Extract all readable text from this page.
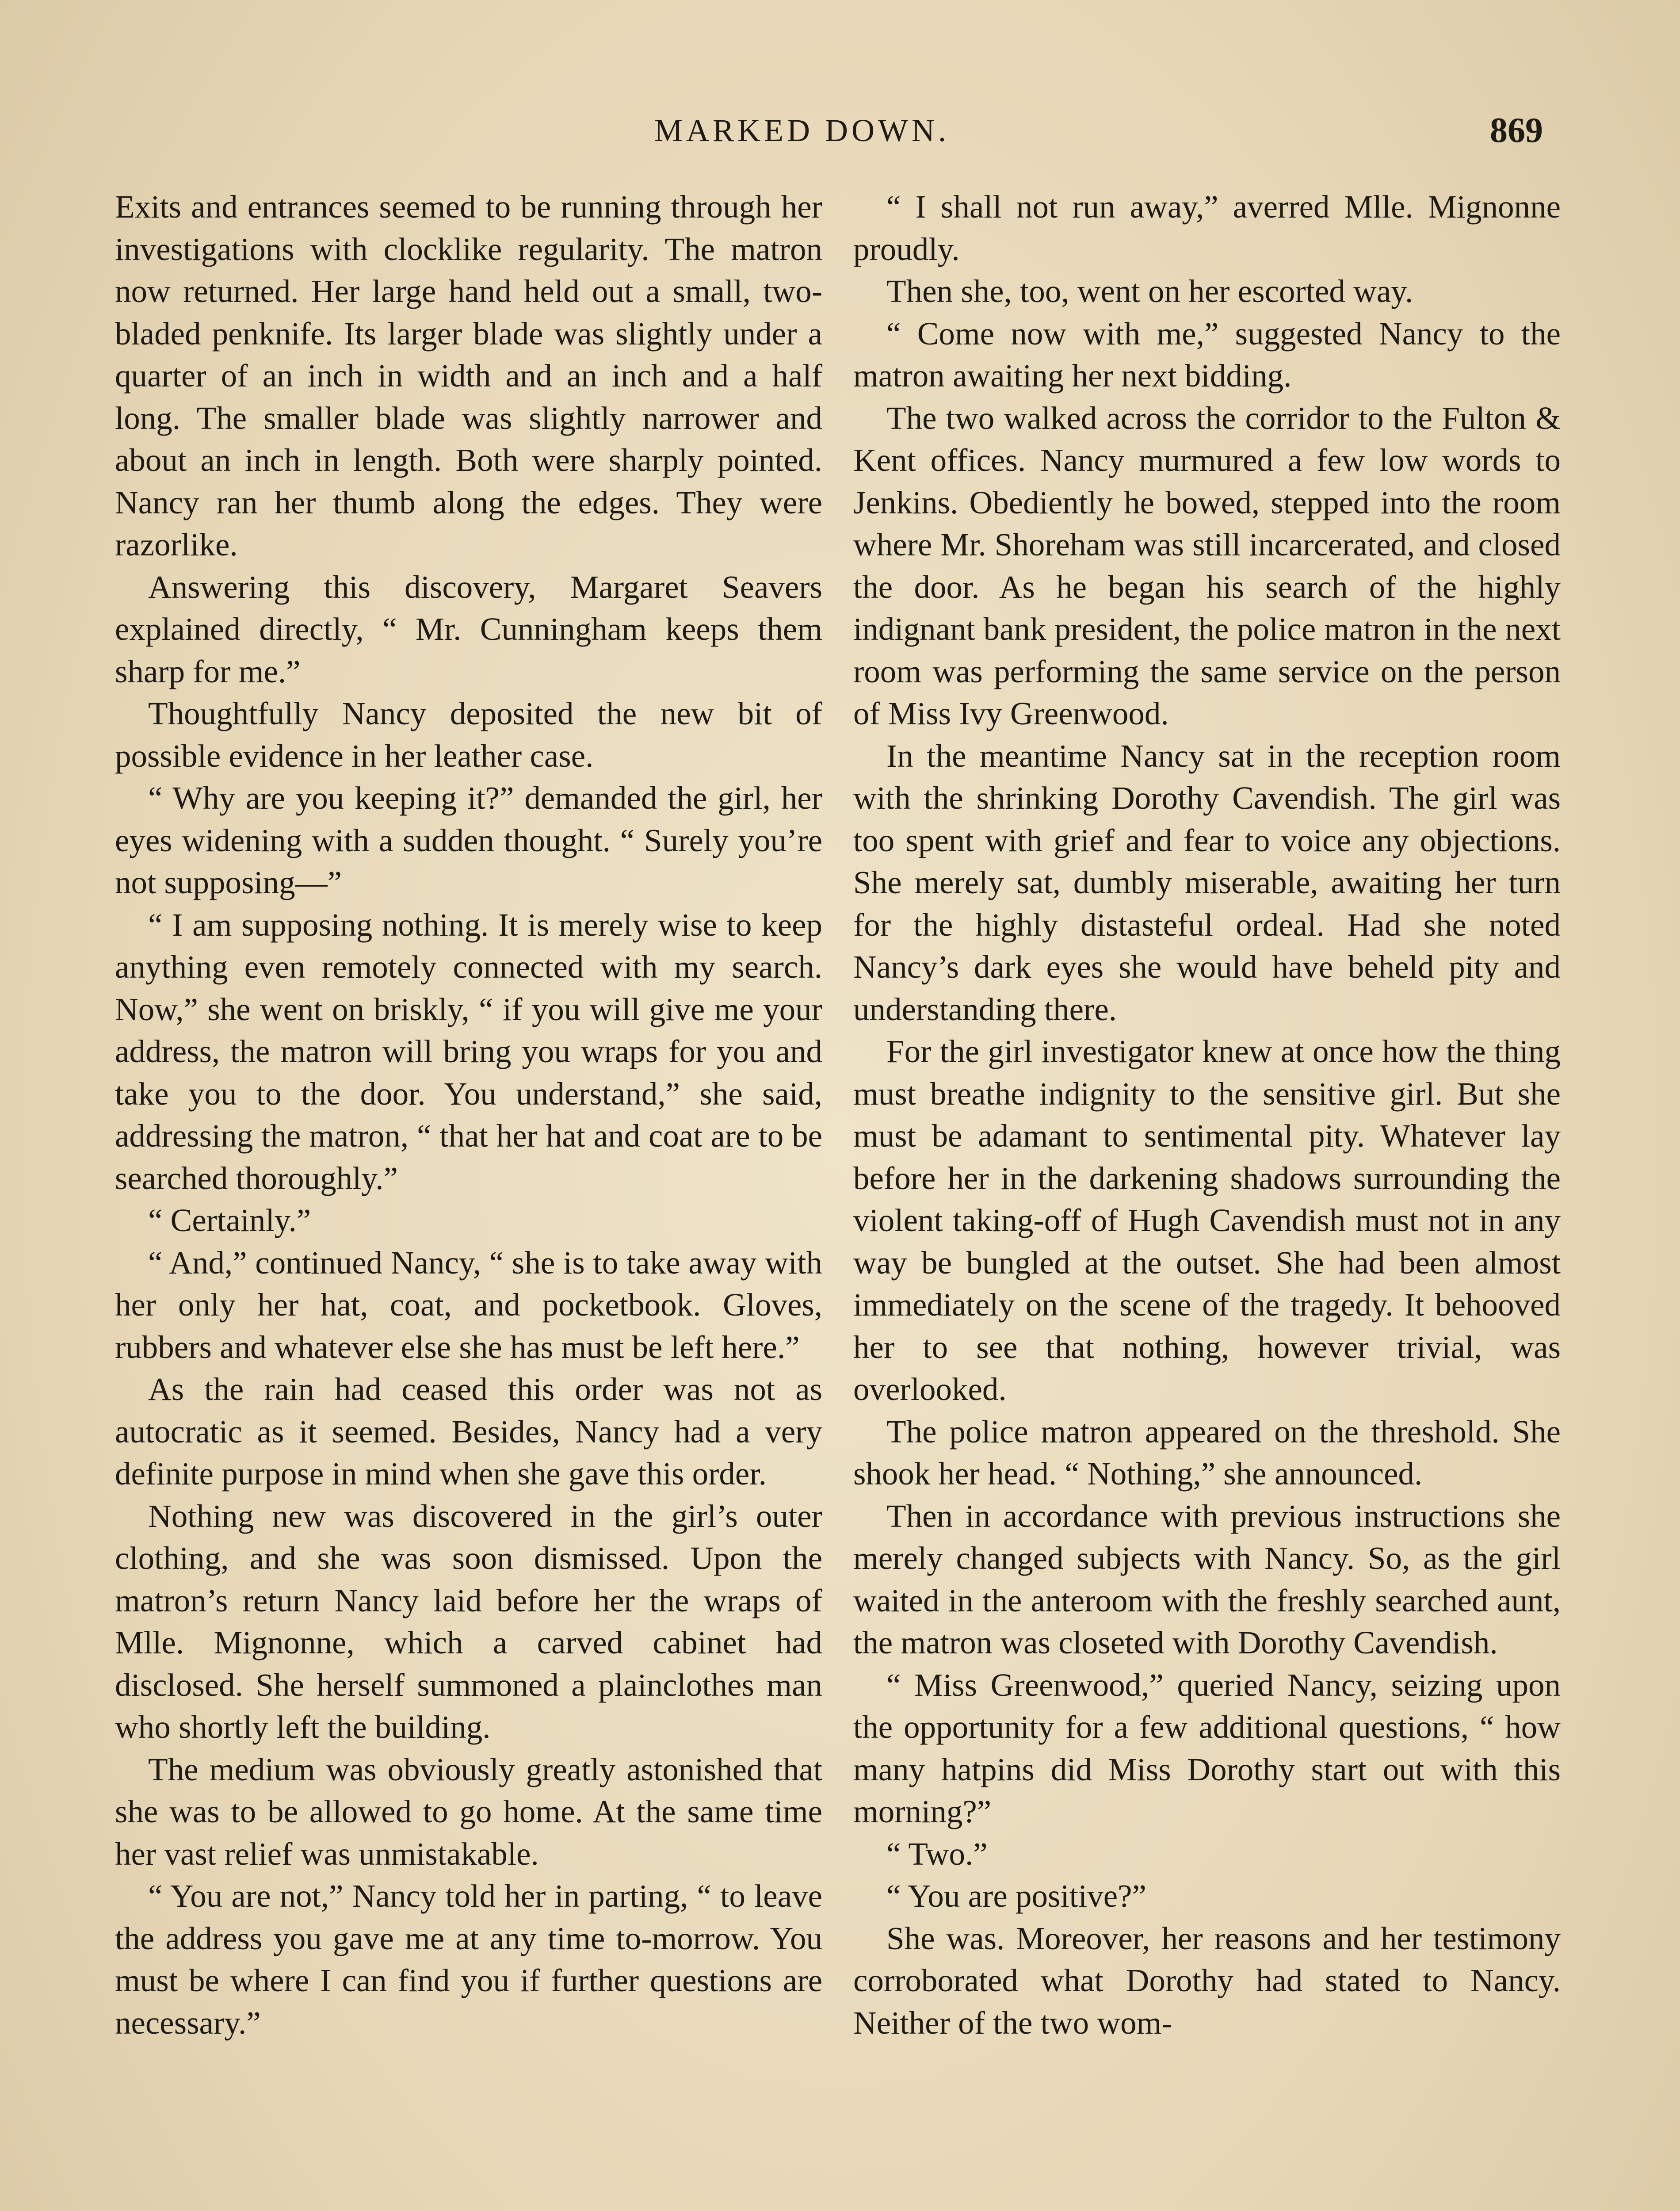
MARKED DOWN.	869

Exits and entrances seemed to be running through her investigations with clocklike regularity. The matron now returned. Her large hand held out a small, two-bladed penknife. Its larger blade was slightly under a quarter of an inch in width and an inch and a half long. The smaller blade was slightly narrower and about an inch in length. Both were sharply pointed. Nancy ran her thumb along the edges. They were razorlike.

Answering this discovery, Margaret Seavers explained directly, “ Mr. Cunningham keeps them sharp for me.”

Thoughtfully Nancy deposited the new bit of possible evidence in her leather case.

“ Why are you keeping it?” demanded the girl, her eyes widening with a sudden thought. “ Surely you’re not supposing—”

“ I am supposing nothing. It is merely wise to keep anything even remotely connected with my search. Now,” she went on briskly, “ if you will give me your address, the matron will bring you wraps for you and take you to the door. You understand,” she said, addressing the matron, “ that her hat and coat are to be searched thoroughly.”

“ Certainly.”

“ And,” continued Nancy, “ she is to take away with her only her hat, coat, and pocketbook. Gloves, rubbers and whatever else she has must be left here.”

As the rain had ceased this order was not as autocratic as it seemed. Besides, Nancy had a very definite purpose in mind when she gave this order.

Nothing new was discovered in the girl’s outer clothing, and she was soon dismissed. Upon the matron’s return Nancy laid before her the wraps of Mlle. Mignonne, which a carved cabinet had disclosed. She herself summoned a plainclothes man who shortly left the building.

The medium was obviously greatly astonished that she was to be allowed to go home. At the same time her vast relief was unmistakable.

“ You are not,” Nancy told her in parting, “ to leave the address you gave me at any time to-morrow. You must be where I can find you if further questions are necessary.”

“ I shall not run away,” averred Mlle. Mignonne proudly.

Then she, too, went on her escorted way.

“ Come now with me,” suggested Nancy to the matron awaiting her next bidding.

The two walked across the corridor to the Fulton & Kent offices. Nancy murmured a few low words to Jenkins. Obediently he bowed, stepped into the room where Mr. Shoreham was still incarcerated, and closed the door. As he began his search of the highly indignant bank president, the police matron in the next room was performing the same service on the person of Miss Ivy Greenwood.

In the meantime Nancy sat in the reception room with the shrinking Dorothy Cavendish. The girl was too spent with grief and fear to voice any objections. She merely sat, dumbly miserable, awaiting her turn for the highly distasteful ordeal. Had she noted Nancy’s dark eyes she would have beheld pity and understanding there.

For the girl investigator knew at once how the thing must breathe indignity to the sensitive girl. But she must be adamant to sentimental pity. Whatever lay before her in the darkening shadows surrounding the violent taking-off of Hugh Cavendish must not in any way be bungled at the outset. She had been almost immediately on the scene of the tragedy. It behooved her to see that nothing, however trivial, was overlooked.

The police matron appeared on the threshold. She shook her head. “ Nothing,” she announced.

Then in accordance with previous instructions she merely changed subjects with Nancy. So, as the girl waited in the anteroom with the freshly searched aunt, the matron was closeted with Dorothy Cavendish.

“ Miss Greenwood,” queried Nancy, seizing upon the opportunity for a few additional questions, “ how many hatpins did Miss Dorothy start out with this morning?”

“ Two.”

“ You are positive?”

She was. Moreover, her reasons and her testimony corroborated what Dorothy had stated to Nancy. Neither of the two wom-
